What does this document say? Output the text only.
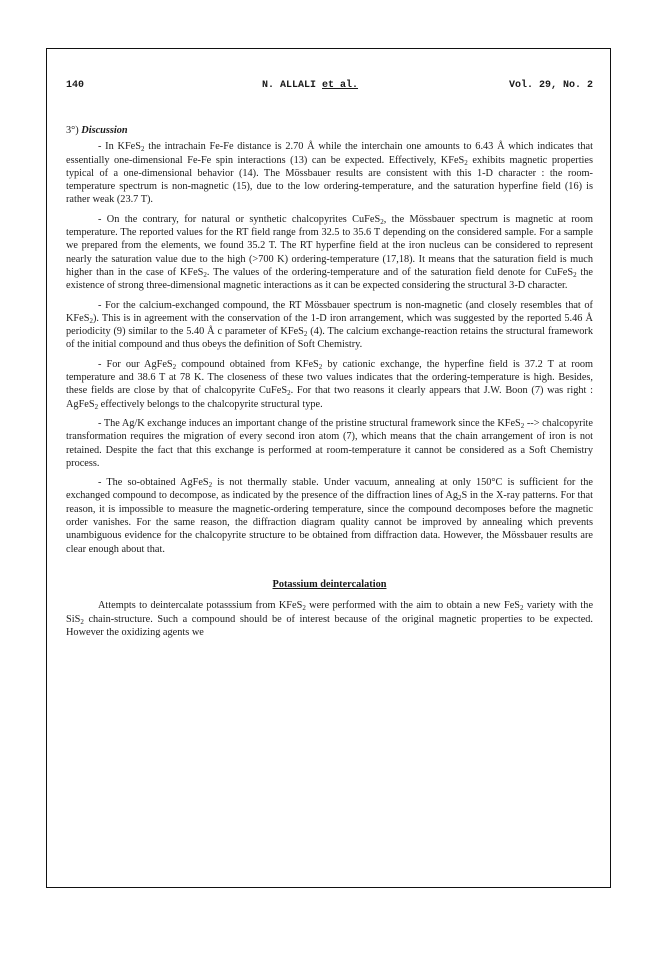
140	N. ALLALI et al.	Vol. 29, No. 2
3°) Discussion

- In KFeS$_2$ the intrachain Fe-Fe distance is 2.70 Å while the interchain one amounts to 6.43 Å which indicates that essentially one-dimensional Fe-Fe spin interactions (13) can be expected. Effectively, KFeS$_2$ exhibits magnetic properties typical of a one-dimensional behavior (14). The Mössbauer results are consistent with this 1-D character : the room-temperature spectrum is non-magnetic (15), due to the low ordering-temperature, and the saturation hyperfine field (16) is rather weak (23.7 T).

- On the contrary, for natural or synthetic chalcopyrites CuFeS$_2$, the Mössbauer spectrum is magnetic at room temperature. The reported values for the RT field range from 32.5 to 35.6 T depending on the considered sample. For a sample we prepared from the elements, we found 35.2 T. The RT hyperfine field at the iron nucleus can be considered to represent nearly the saturation value due to the high (>700 K) ordering-temperature (17,18). It means that the saturation field is much higher than in the case of KFeS$_2$. The values of the ordering-temperature and of the saturation field denote for CuFeS$_2$ the existence of strong three-dimensional magnetic interactions as it can be expected considering the structural 3-D character.

- For the calcium-exchanged compound, the RT Mössbauer spectrum is non-magnetic (and closely resembles that of KFeS$_2$). This is in agreement with the conservation of the 1-D iron arrangement, which was suggested by the reported 5.46 Å periodicity (9) similar to the 5.40 Å c parameter of KFeS$_2$ (4). The calcium exchange-reaction retains the structural framework of the initial compound and thus obeys the definition of Soft Chemistry.

- For our AgFeS$_2$ compound obtained from KFeS$_2$ by cationic exchange, the hyperfine field is 37.2 T at room temperature and 38.6 T at 78 K. The closeness of these two values indicates that the ordering-temperature is high. Besides, these fields are close by that of chalcopyrite CuFeS$_2$. For that two reasons it clearly appears that J.W. Boon (7) was right : AgFeS$_2$ effectively belongs to the chalcopyrite structural type.

- The Ag/K exchange induces an important change of the pristine structural framework since the KFeS$_2$ --> chalcopyrite transformation requires the migration of every second iron atom (7), which means that the chain arrangement of iron is not retained. Despite the fact that this exchange is performed at room-temperature it cannot be considered as a Soft Chemistry process.

- The so-obtained AgFeS$_2$ is not thermally stable. Under vacuum, annealing at only 150°C is sufficient for the exchanged compound to decompose, as indicated by the presence of the diffraction lines of $Ag_2S$ in the X-ray patterns. For that reason, it is impossible to measure the magnetic-ordering temperature, since the compound decomposes before the magnetic order vanishes. For the same reason, the diffraction diagram quality cannot be improved by annealing which prevents unambiguous evidence for the chalcopyrite structure to be obtained from diffraction data. However, the Mössbauer results are clear enough about that.

Potassium deintercalation

Attempts to deintercalate potasssium from KFeS$_2$ were performed with the aim to obtain a new FeS$_2$ variety with the SiS$_2$ chain-structure. Such a compound should be of interest because of the original magnetic properties to be expected. However the oxidizing agents we
